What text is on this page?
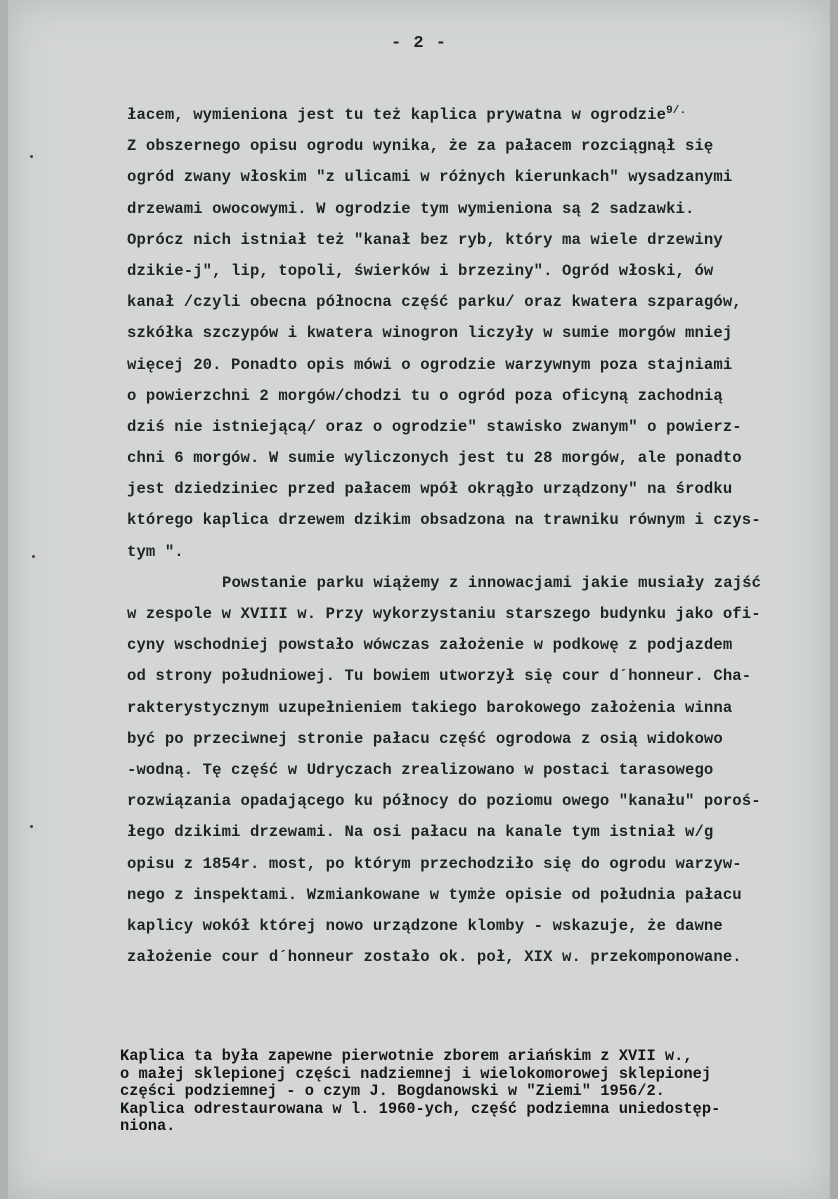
- 2 -
łacem, wymieniona jest tu też kaplica prywatna w ogrodzie$^{9/.}$
Z obszernego opisu ogrodu wynika, że za pałacem rozciągnął się
ogród zwany włoskim "z ulicami w różnych kierunkach" wysadzanymi
drzewami owocowymi. W ogrodzie tym wymieniona są 2 sadzawki.
Oprócz nich istniał też "kanał bez ryb, który ma wiele drzewiny
dzikie-j", lip, topoli, świerków i brzeziny". Ogród włoski, ów
kanał /czyli obecna północna część parku/ oraz kwatera szparagów,
szkółka szczypów i kwatera winogron liczyły w sumie morgów mniej
więcej 20. Ponadto opis mówi o ogrodzie warzywnym poza stajniami
o powierzchni 2 morgów/chodzi tu o ogród poza oficyną zachodnią
dziś nie istniejącą/ oraz o ogrodzie" stawisko zwanym" o powierz-
chni 6 morgów. W sumie wyliczonych jest tu 28 morgów, ale ponadto
jest dziedziniec przed pałacem wpół okrągło urządzony" na środku
którego kaplica drzewem dzikim obsadzona na trawniku równym i czys-
tym ".
Powstanie parku wiążemy z innowacjami jakie musiały zajść
w zespole w XVIII w. Przy wykorzystaniu starszego budynku jako ofi-
cyny wschodniej powstało wówczas założenie w podkowę z podjazdem
od strony południowej. Tu bowiem utworzył się cour d´honneur. Cha-
rakterystycznym uzupełnieniem takiego barokowego założenia winna
być po przeciwnej stronie pałacu część ogrodowa z osią widokowo
-wodną. Tę część w Udryczach zrealizowano w postaci tarasowego
rozwiązania opadającego ku północy do poziomu owego "kanału" poroś-
łego dzikimi drzewami. Na osi pałacu na kanale tym istniał w/g
opisu z 1854r. most, po którym przechodziło się do ogrodu warzyw-
nego z inspektami. Wzmiankowane w tymże opisie od południa pałacu
kaplicy wokół której nowo urządzone klomby - wskazuje, że dawne
założenie cour d´honneur zostało ok. poł, XIX w. przekomponowane.
Kaplica ta była zapewne pierwotnie zborem ariańskim z XVII w.,
o małej sklepionej części nadziemnej i wielokomorowej sklepionej
części podziemnej - o czym J. Bogdanowski w "Ziemi" 1956/2.
Kaplica odrestaurowana w l. 1960-ych, część podziemna uniedostęp-
niona.
